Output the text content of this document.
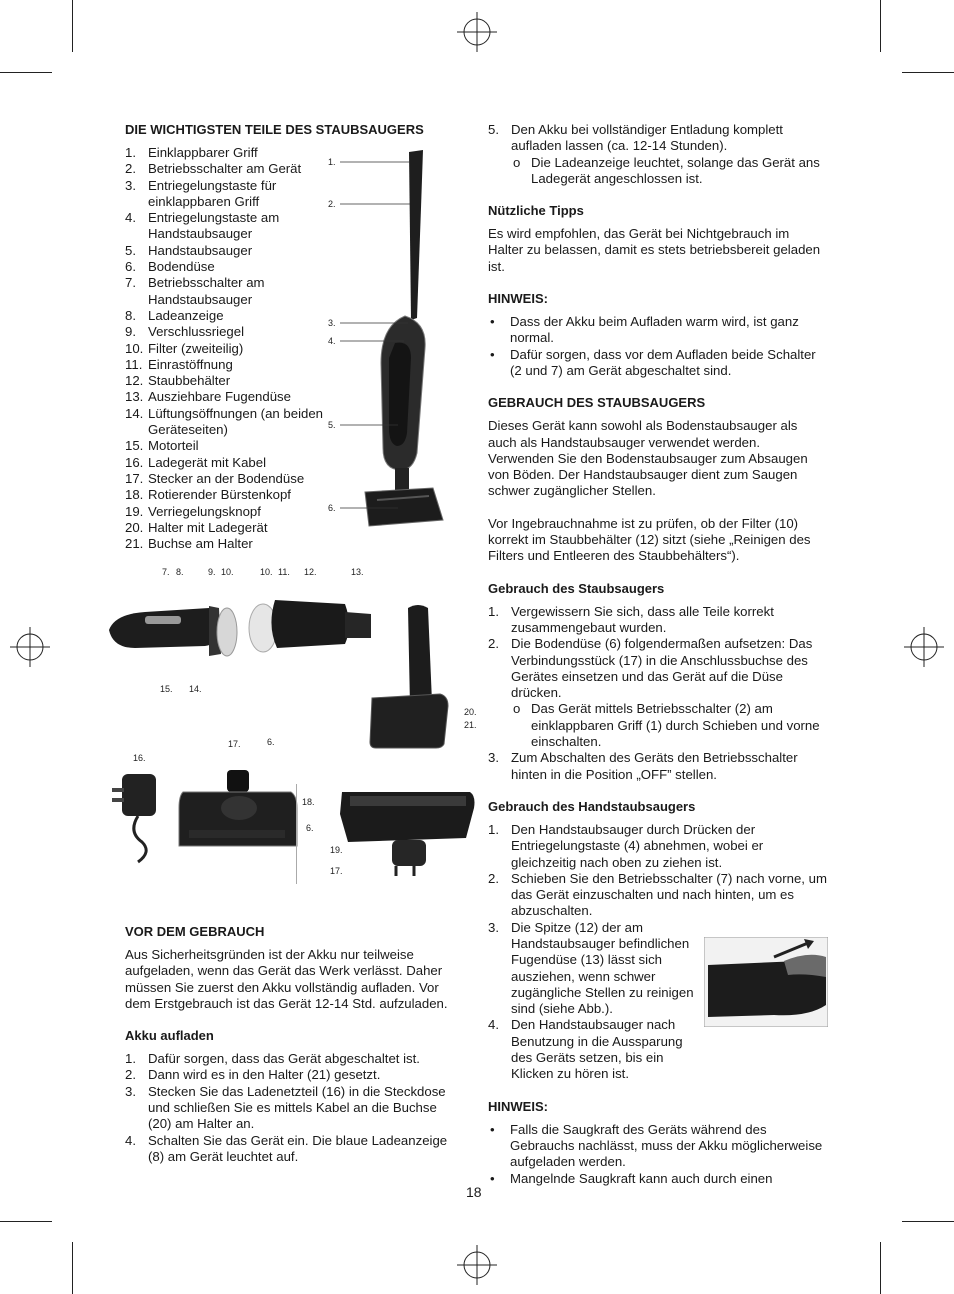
DIE WICHTIGSTEN TEILE DES STAUBSAUGERS
1. Einklappbarer Griff
2. Betriebsschalter am Gerät
3. Entriegelungstaste für einklappbaren Griff
4. Entriegelungstaste am Handstaubsauger
5. Handstaubsauger
6. Bodendüse
7. Betriebsschalter am Handstaubsauger
8. Ladeanzeige
9. Verschlussriegel
10. Filter (zweiteilig)
11. Einrastöffnung
12. Staubbehälter
13. Ausziehbare Fugendüse
14. Lüftungsöffnungen (an beiden Geräteseiten)
15. Motorteil
16. Ladegerät mit Kabel
17. Stecker an der Bodendüse
18. Rotierender Bürstenkopf
19. Verriegelungsknopf
20. Halter mit Ladegerät
21. Buchse am Halter
1.
2.
3.
4.
5.
6.
7. 8.	9. 10.	10. 11. 12.	13.
15. 14.
20.
21.
16.
17.	6.
18.
6.
19.
17.
VOR DEM GEBRAUCH

Aus Sicherheitsgründen ist der Akku nur teilweise aufgeladen, wenn das Gerät das Werk verlässt. Daher müssen Sie zuerst den Akku vollständig aufladen. Vor dem Erstgebrauch ist das Gerät 12-14 Std. aufzuladen.

Akku aufladen
1. Dafür sorgen, dass das Gerät abgeschaltet ist.
2. Dann wird es in den Halter (21) gesetzt.
3. Stecken Sie das Ladenetzteil (16) in die Steckdose und schließen Sie es mittels Kabel an die Buchse (20) am Halter an.
4. Schalten Sie das Gerät ein. Die blaue Ladeanzeige (8) am Gerät leuchtet auf.
5. Den Akku bei vollständiger Entladung komplett aufladen lassen (ca. 12-14 Stunden).
o Die Ladeanzeige leuchtet, solange das Gerät ans Ladegerät angeschlossen ist.
Nützliche Tipps

Es wird empfohlen, das Gerät bei Nichtgebrauch im Halter zu belassen, damit es stets betriebsbereit geladen ist.

HINWEIS:
• Dass der Akku beim Aufladen warm wird, ist ganz normal.
• Dafür sorgen, dass vor dem Aufladen beide Schalter (2 und 7) am Gerät abgeschaltet sind.
GEBRAUCH DES STAUBSAUGERS

Dieses Gerät kann sowohl als Bodenstaubsauger als auch als Handstaubsauger verwendet werden. Verwenden Sie den Bodenstaubsauger zum Absaugen von Böden. Der Handstaubsauger dient zum Saugen schwer zugänglicher Stellen.

Vor Ingebrauchnahme ist zu prüfen, ob der Filter (10) korrekt im Staubbehälter (12) sitzt (siehe „Reinigen des Filters und Entleeren des Staubbehälters“).

Gebrauch des Staubsaugers
1. Vergewissern Sie sich, dass alle Teile korrekt zusammengebaut wurden.
2. Die Bodendüse (6) folgendermaßen aufsetzen: Das Verbindungsstück (17) in die Anschlussbuchse des Gerätes einsetzen und das Gerät auf die Düse drücken.
o Das Gerät mittels Betriebsschalter (2) am einklappbaren Griff (1) durch Schieben und vorne einschalten.
3. Zum Abschalten des Geräts den Betriebsschalter hinten in die Position „OFF” stellen.
Gebrauch des Handstaubsaugers
1. Den Handstaubsauger durch Drücken der Entriegelungstaste (4) abnehmen, wobei er gleichzeitig nach oben zu ziehen ist.
2. Schieben Sie den Betriebsschalter (7) nach vorne, um das Gerät einzuschalten und nach hinten, um es abzuschalten.
3. Die Spitze (12) der am Handstaubsauger befindlichen Fugendüse (13) lässt sich ausziehen, wenn schwer zugängliche Stellen zu reinigen sind (siehe Abb.).
4. Den Handstaubsauger nach Benutzung in die Aussparung des Geräts setzen, bis ein Klicken zu hören ist.
HINWEIS:
• Falls die Saugkraft des Geräts während des Gebrauchs nachlässt, muss der Akku möglicherweise aufgeladen werden.
• Mangelnde Saugkraft kann auch durch einen
18
